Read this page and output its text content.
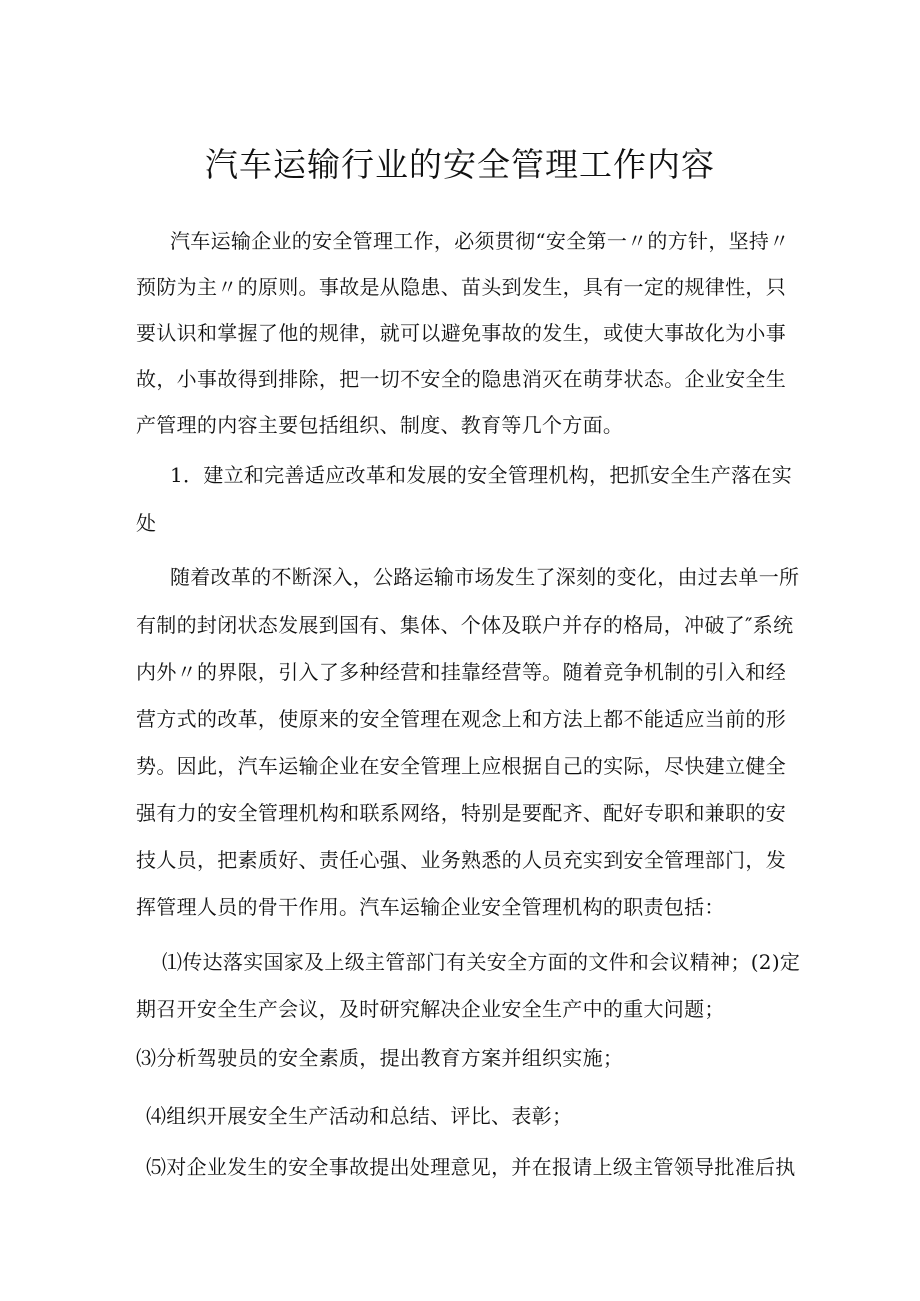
汽车运输行业的安全管理工作内容
汽车运输企业的安全管理工作，必须贯彻“安全第一〃的方针，坚持〃
预防为主〃的原则。事故是从隐患、苗头到发生，具有一定的规律性，只
要认识和掌握了他的规律，就可以避免事故的发生，或使大事故化为小事
故，小事故得到排除，把一切不安全的隐患消灭在萌芽状态。企业安全生
产管理的内容主要包括组织、制度、教育等几个方面。
1．建立和完善适应改革和发展的安全管理机构，把抓安全生产落在实
处
随着改革的不断深入，公路运输市场发生了深刻的变化，由过去单一所
有制的封闭状态发展到国有、集体、个体及联户并存的格局，冲破了″系统
内外〃的界限，引入了多种经营和挂靠经营等。随着竞争机制的引入和经
营方式的改革，使原来的安全管理在观念上和方法上都不能适应当前的形
势。因此，汽车运输企业在安全管理上应根据自己的实际，尽快建立健全
强有力的安全管理机构和联系网络，特别是要配齐、配好专职和兼职的安
技人员，把素质好、责任心强、业务熟悉的人员充实到安全管理部门，发
挥管理人员的骨干作用。汽车运输企业安全管理机构的职责包括：
⑴传达落实国家及上级主管部门有关安全方面的文件和会议精神；(2)定
期召开安全生产会议，及时研究解决企业安全生产中的重大问题；
⑶分析驾驶员的安全素质，提出教育方案并组织实施；
⑷组织开展安全生产活动和总结、评比、表彰；
⑸对企业发生的安全事故提出处理意见，并在报请上级主管领导批准后执
